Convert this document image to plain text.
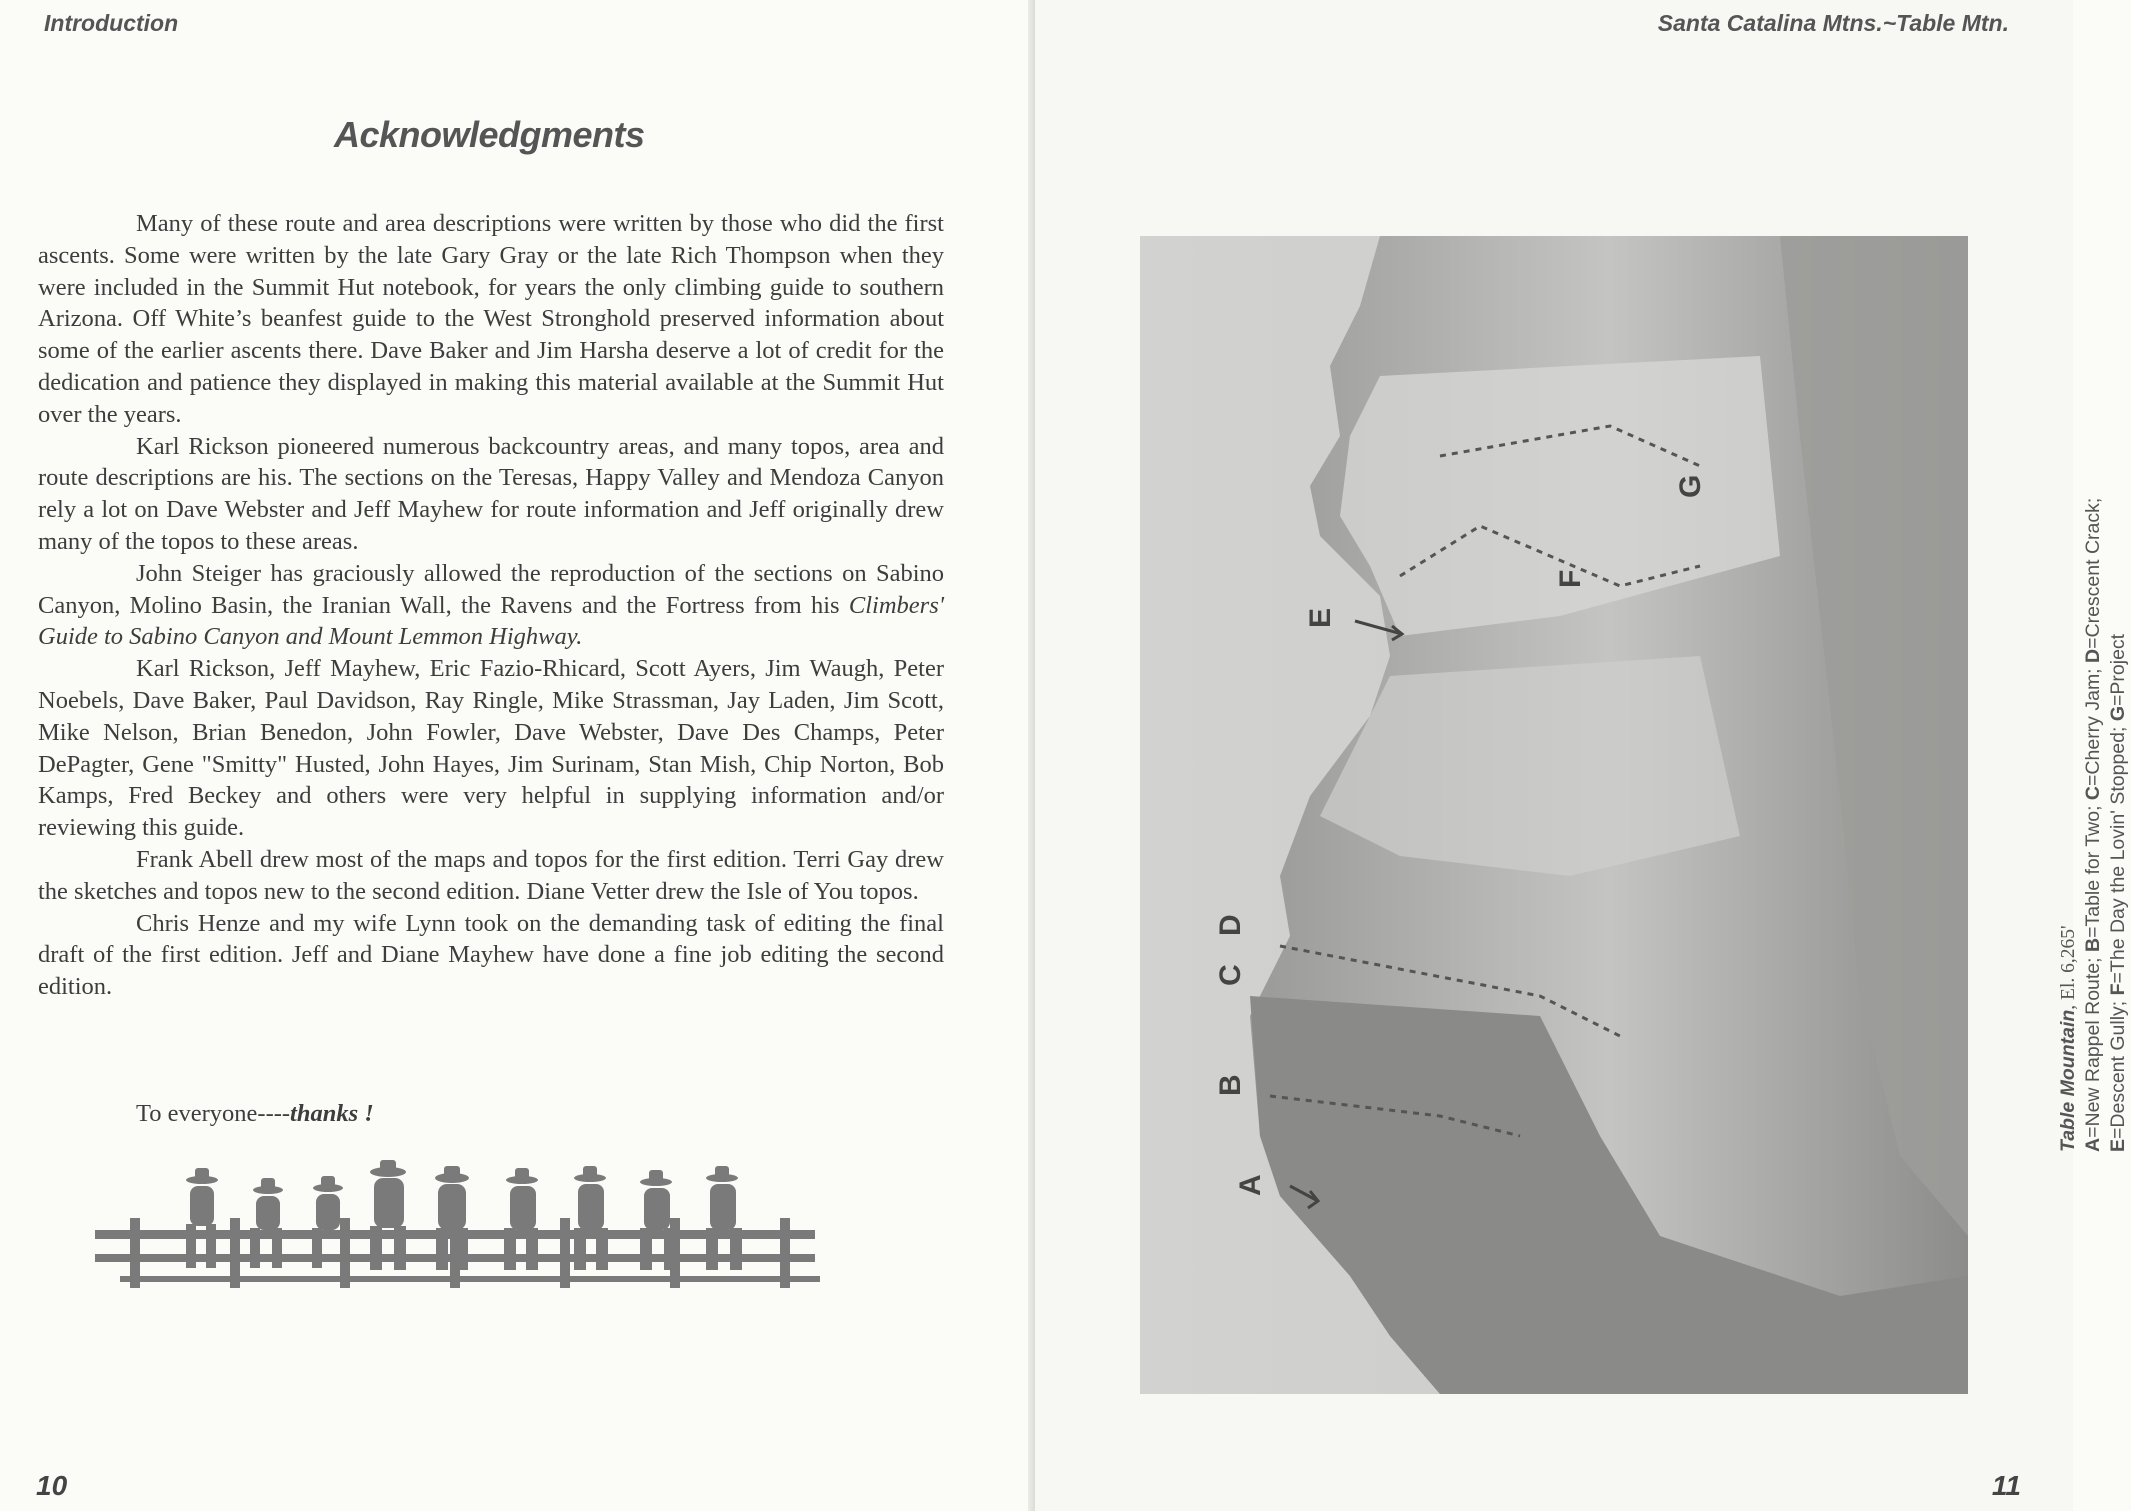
Introduction
Acknowledgments

Many of these route and area descriptions were written by those who did the first ascents. Some were written by the late Gary Gray or the late Rich Thompson when they were included in the Summit Hut notebook, for years the only climbing guide to southern Arizona. Off White’s beanfest guide to the West Stronghold preserved information about some of the earlier ascents there. Dave Baker and Jim Harsha deserve a lot of credit for the dedication and patience they displayed in making this material available at the Summit Hut over the years.

Karl Rickson pioneered numerous backcountry areas, and many topos, area and route descriptions are his. The sections on the Teresas, Happy Valley and Mendoza Canyon rely a lot on Dave Webster and Jeff Mayhew for route information and Jeff originally drew many of the topos to these areas.

John Steiger has graciously allowed the reproduction of the sections on Sabino Canyon, Molino Basin, the Iranian Wall, the Ravens and the Fortress from his Climbers' Guide to Sabino Canyon and Mount Lemmon Highway.

Karl Rickson, Jeff Mayhew, Eric Fazio-Rhicard, Scott Ayers, Jim Waugh, Peter Noebels, Dave Baker, Paul Davidson, Ray Ringle, Mike Strassman, Jay Laden, Jim Scott, Mike Nelson, Brian Benedon, John Fowler, Dave Webster, Dave Des Champs, Peter DePagter, Gene "Smitty" Husted, John Hayes, Jim Surinam, Stan Mish, Chip Norton, Bob Kamps, Fred Beckey and others were very helpful in supplying information and/or reviewing this guide.

Frank Abell drew most of the maps and topos for the first edition. Terri Gay drew the sketches and topos new to the second edition. Diane Vetter drew the Isle of You topos.

Chris Henze and my wife Lynn took on the demanding task of editing the final draft of the first edition. Jeff and Diane Mayhew have done a fine job editing the second edition.

To everyone----thanks !
10
Santa Catalina Mtns.~Table Mtn.
11
A
B
C
D
E
F
G
Table Mountain, El. 6,265'
A=New Rappel Route; B=Table for Two; C=Cherry Jam; D=Crescent Crack;
E=Descent Gully; F=The Day the Lovin' Stopped; G=Project
